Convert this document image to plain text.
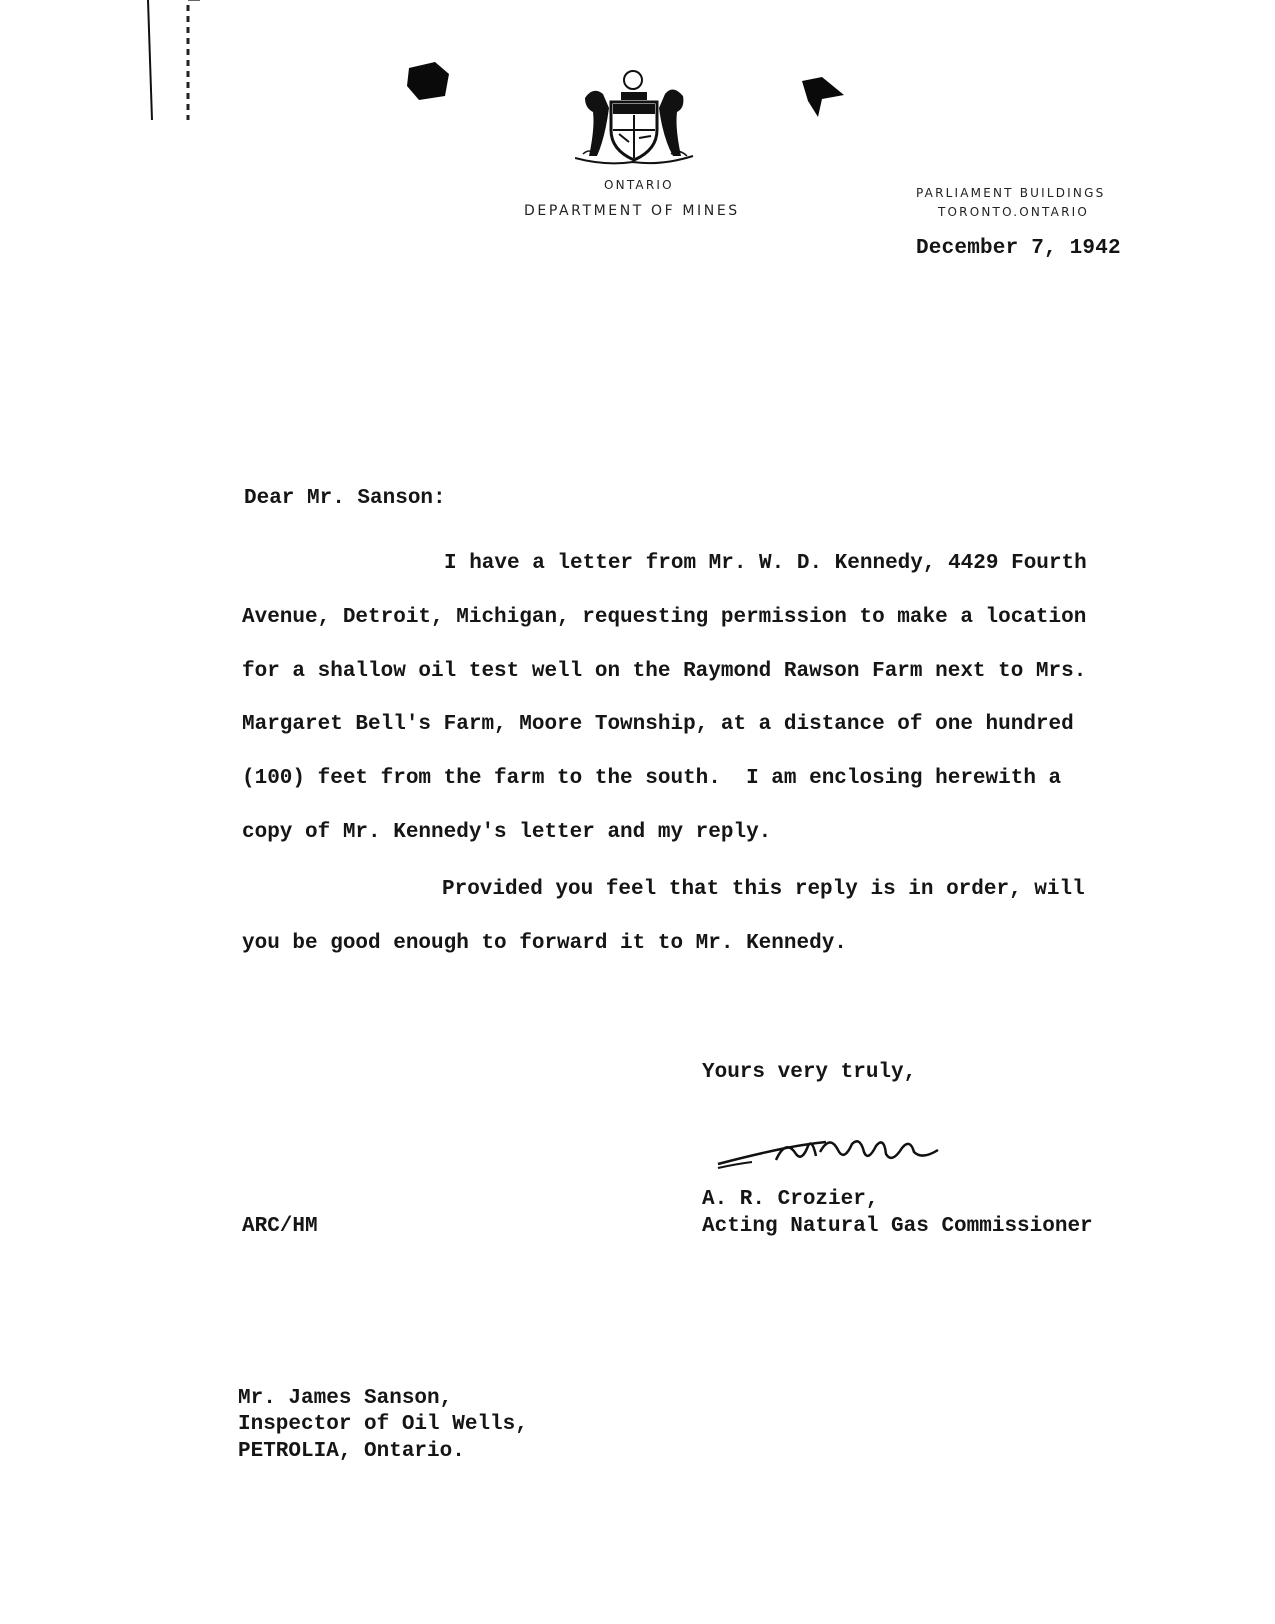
ONTARIO
DEPARTMENT OF MINES
PARLIAMENT BUILDINGS
TORONTO.ONTARIO
December 7, 1942
Dear Mr. Sanson:
I have a letter from Mr. W. D. Kennedy, 4429 Fourth
Avenue, Detroit, Michigan, requesting permission to make a location
for a shallow oil test well on the Raymond Rawson Farm next to Mrs.
Margaret Bell's Farm, Moore Township, at a distance of one hundred
(100) feet from the farm to the south.  I am enclosing herewith a
copy of Mr. Kennedy's letter and my reply.
Provided you feel that this reply is in order, will
you be good enough to forward it to Mr. Kennedy.
Yours very truly,
A. R. Crozier,
Acting Natural Gas Commissioner
ARC/HM
Mr. James Sanson,
Inspector of Oil Wells,
PETROLIA, Ontario.
